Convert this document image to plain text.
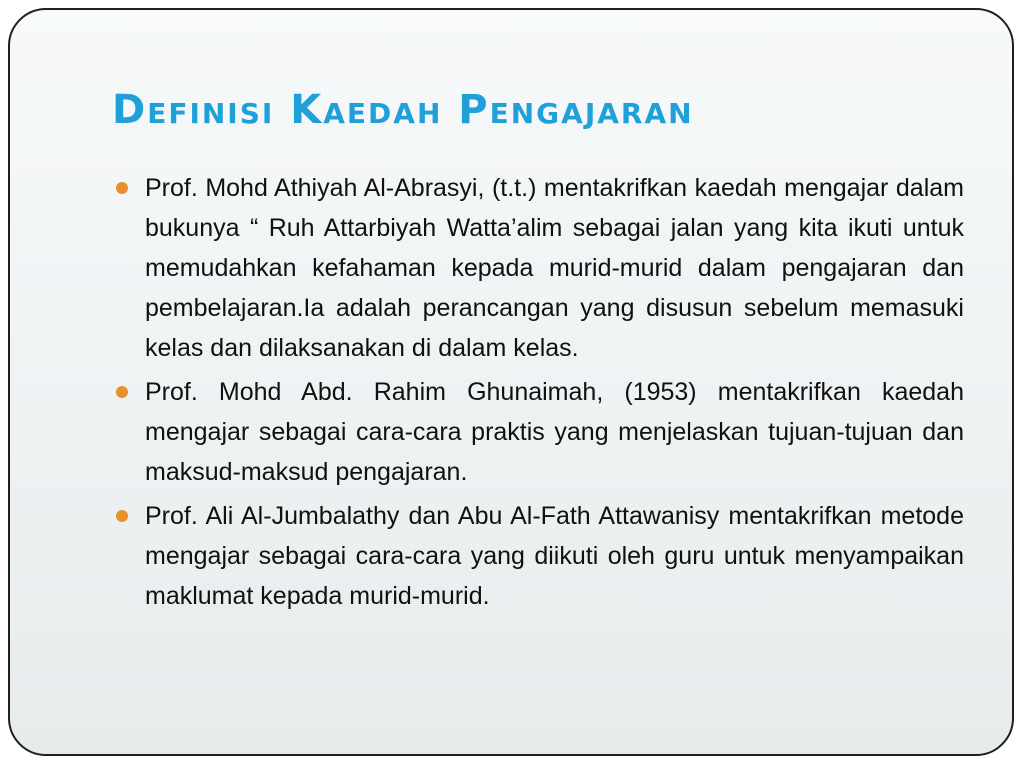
Definisi Kaedah Pengajaran
Prof. Mohd Athiyah Al-Abrasyi, (t.t.) mentakrifkan kaedah mengajar dalam bukunya “ Ruh Attarbiyah Watta’alim sebagai jalan yang kita ikuti untuk memudahkan kefahaman kepada murid-murid dalam pengajaran dan pembelajaran.Ia adalah perancangan yang disusun sebelum memasuki kelas dan dilaksanakan di dalam kelas.
Prof. Mohd Abd. Rahim Ghunaimah, (1953) mentakrifkan kaedah mengajar sebagai cara-cara praktis yang menjelaskan tujuan-tujuan dan maksud-maksud pengajaran.
Prof. Ali Al-Jumbalathy dan Abu Al-Fath Attawanisy mentakrifkan metode mengajar sebagai cara-cara yang diikuti oleh guru untuk menyampaikan maklumat kepada murid-murid.
